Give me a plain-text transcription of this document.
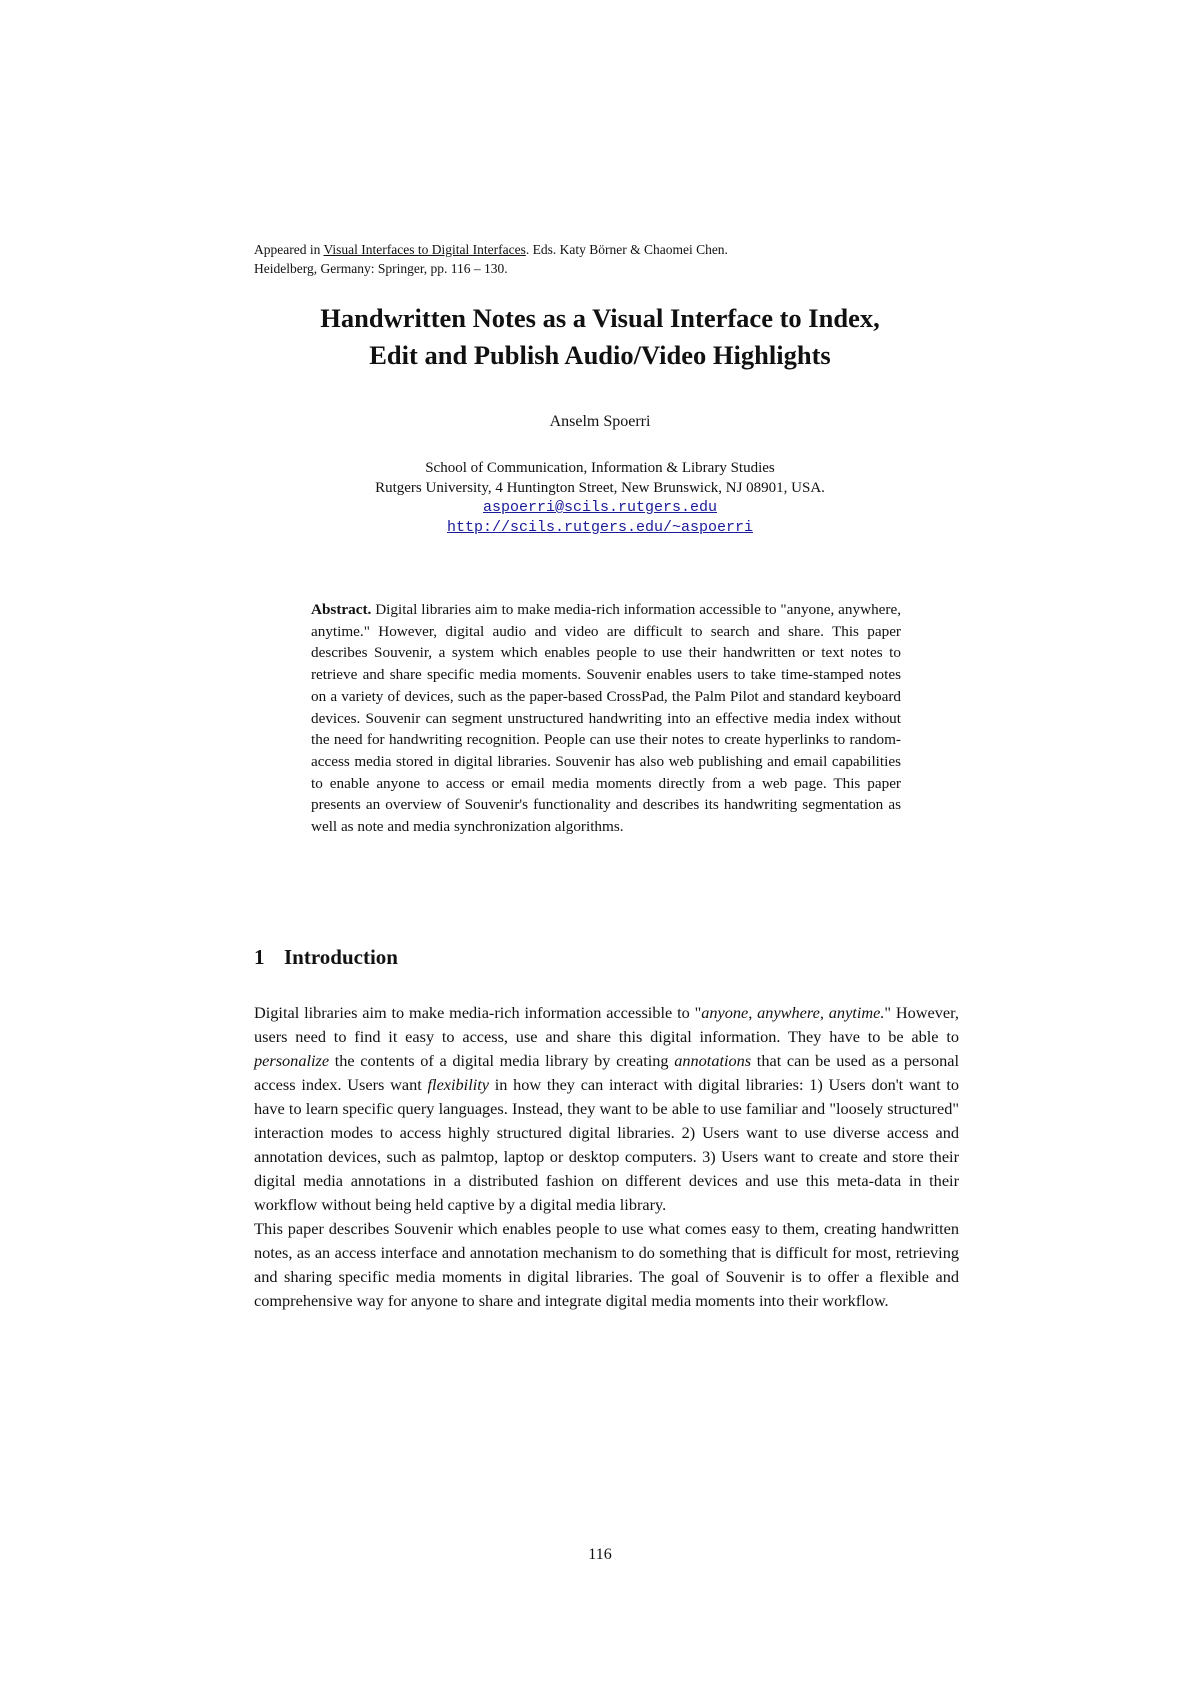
Appeared in Visual Interfaces to Digital Interfaces. Eds. Katy Börner & Chaomei Chen.
Heidelberg, Germany: Springer, pp. 116 – 130.
Handwritten Notes as a Visual Interface to Index,
Edit and Publish Audio/Video Highlights
Anselm Spoerri
School of Communication, Information & Library Studies
Rutgers University, 4 Huntington Street, New Brunswick, NJ 08901, USA.
aspoerri@scils.rutgers.edu
http://scils.rutgers.edu/~aspoerri
Abstract. Digital libraries aim to make media-rich information accessible to "anyone, anywhere, anytime." However, digital audio and video are difficult to search and share. This paper describes Souvenir, a system which enables people to use their handwritten or text notes to retrieve and share specific media moments. Souvenir enables users to take time-stamped notes on a variety of devices, such as the paper-based CrossPad, the Palm Pilot and standard keyboard devices. Souvenir can segment unstructured handwriting into an effective media index without the need for handwriting recognition. People can use their notes to create hyperlinks to random-access media stored in digital libraries. Souvenir has also web publishing and email capabilities to enable anyone to access or email media moments directly from a web page. This paper presents an overview of Souvenir's functionality and describes its handwriting segmentation as well as note and media synchronization algorithms.
1 Introduction

Digital libraries aim to make media-rich information accessible to "anyone, anywhere, anytime." However, users need to find it easy to access, use and share this digital information. They have to be able to personalize the contents of a digital media library by creating annotations that can be used as a personal access index. Users want flexibility in how they can interact with digital libraries: 1) Users don't want to have to learn specific query languages. Instead, they want to be able to use familiar and "loosely structured" interaction modes to access highly structured digital libraries. 2) Users want to use diverse access and annotation devices, such as palmtop, laptop or desktop computers. 3) Users want to create and store their digital media annotations in a distributed fashion on different devices and use this meta-data in their workflow without being held captive by a digital media library.

This paper describes Souvenir which enables people to use what comes easy to them, creating handwritten notes, as an access interface and annotation mechanism to do something that is difficult for most, retrieving and sharing specific media moments in digital libraries. The goal of Souvenir is to offer a flexible and comprehensive way for anyone to share and integrate digital media moments into their workflow.

116
